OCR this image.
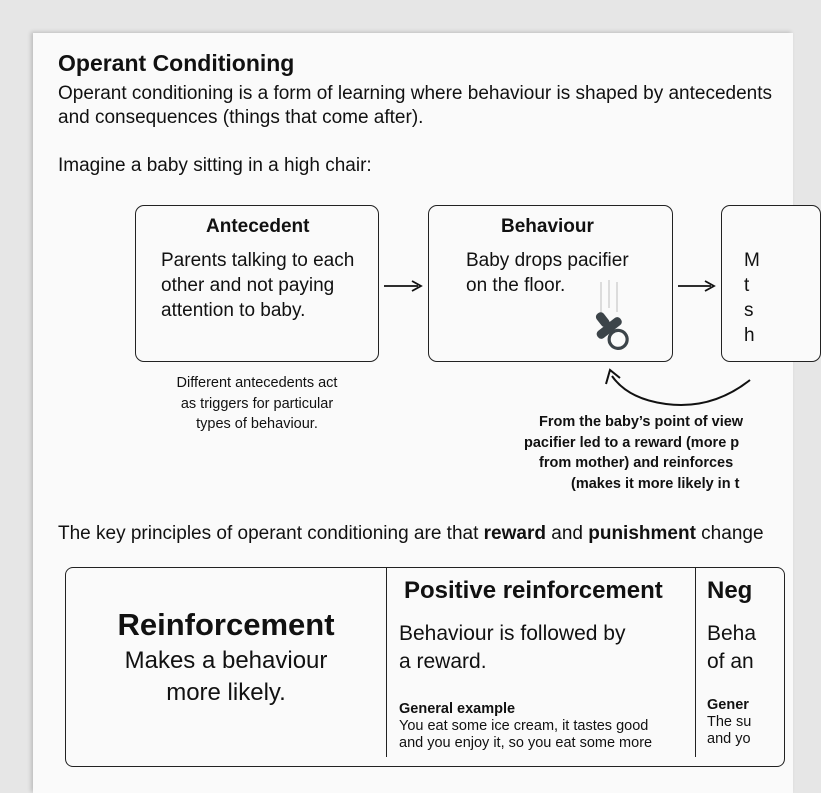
Operant Conditioning
Operant conditioning is a form of learning where behaviour is shaped by antecedents
and consequences (things that come after).
Imagine a baby sitting in a high chair:
Antecedent
Parents talking to each
other and not paying
attention to baby.
Behaviour
Baby drops pacifier
on the floor.
M
t
s
h
Different antecedents act
as triggers for particular
types of behaviour.	From the baby’s point of view
pacifier led to a reward (more p
from mother) and reinforces
(makes it more likely in t
The key principles of operant conditioning are that reward and punishment change
Reinforcement
Makes a behaviour
more likely.
Positive reinforcement
Behaviour is followed by
a reward.
General example
You eat some ice cream, it tastes good
and you enjoy it, so you eat some more
Neg
Beha
of an
Gener
The su
and yo
